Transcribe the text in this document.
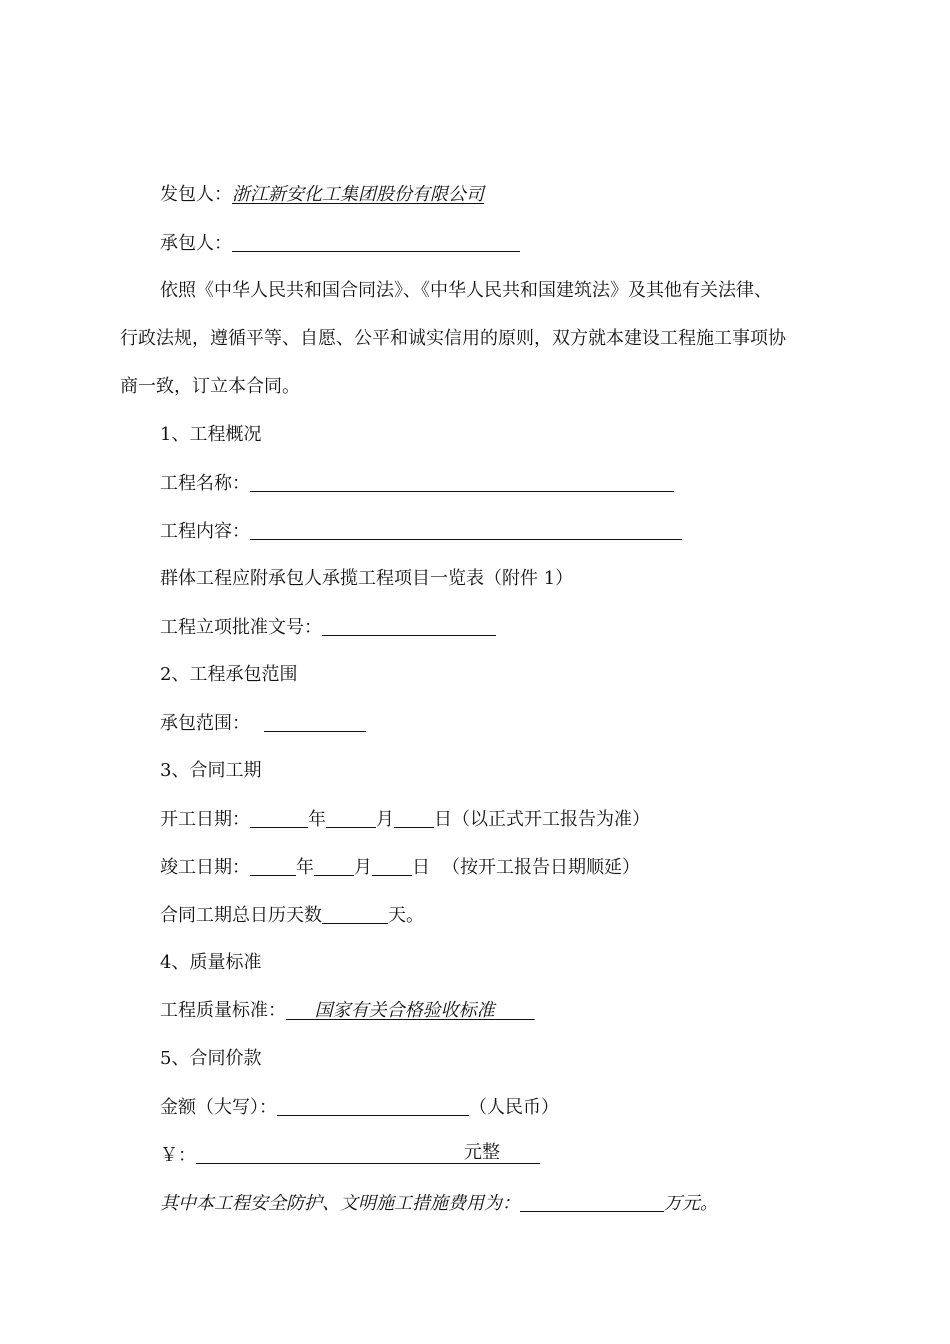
发包人：浙江新安化工集团股份有限公司
承包人：
依照《中华人民共和国合同法》、《中华人民共和国建筑法》及其他有关法律、
行政法规，遵循平等、自愿、公平和诚实信用的原则，双方就本建设工程施工事项协
商一致，订立本合同。
1、工程概况
工程名称：
工程内容：
群体工程应附承包人承揽工程项目一览表（附件 1）
工程立项批准文号：
2、工程承包范围
承包范围：
3、合同工期
开工日期：	年	月 日（以正式开工报告为准）
竣工日期：	年 月 日 （按开工报告日期顺延）
合同工期总日历天数	天。
4、质量标准
工程质量标准： 国家有关合格验收标准
5、合同价款
金额（大写）：	（人民币）
￥：	元整
其中本工程安全防护、文明施工措施费用为：	万元。
